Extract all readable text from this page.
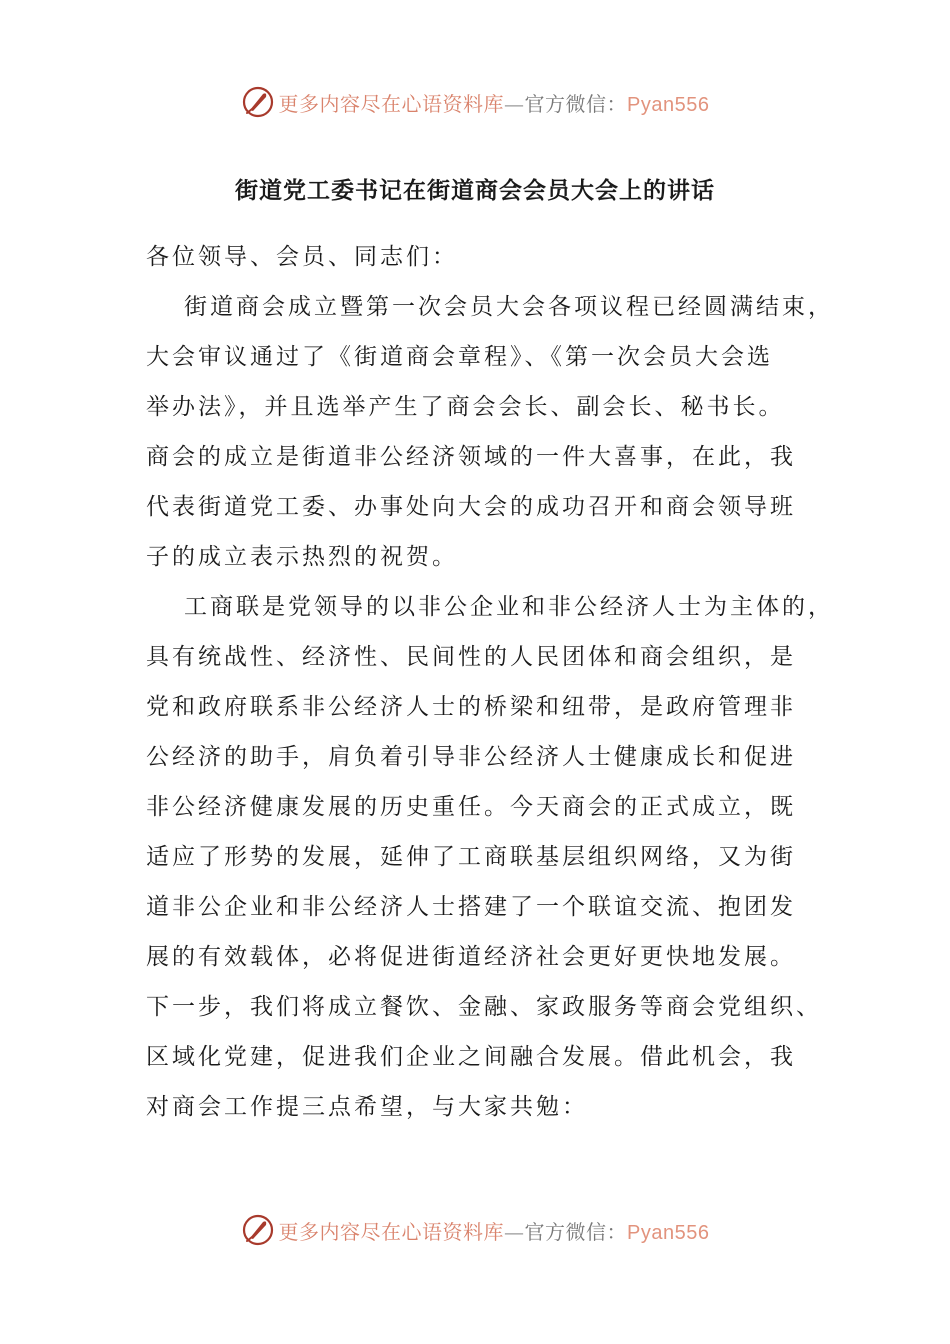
更多内容尽在心语资料库—官方微信：Pyan556
街道党工委书记在街道商会会员大会上的讲话

各位领导、会员、同志们：

街道商会成立暨第一次会员大会各项议程已经圆满结束，

大会审议通过了《街道商会章程》、《第一次会员大会选

举办法》，并且选举产生了商会会长、副会长、秘书长。

商会的成立是街道非公经济领域的一件大喜事，在此，我

代表街道党工委、办事处向大会的成功召开和商会领导班

子的成立表示热烈的祝贺。

工商联是党领导的以非公企业和非公经济人士为主体的，

具有统战性、经济性、民间性的人民团体和商会组织，是

党和政府联系非公经济人士的桥梁和纽带，是政府管理非

公经济的助手，肩负着引导非公经济人士健康成长和促进

非公经济健康发展的历史重任。今天商会的正式成立，既

适应了形势的发展，延伸了工商联基层组织网络，又为街

道非公企业和非公经济人士搭建了一个联谊交流、抱团发

展的有效载体，必将促进街道经济社会更好更快地发展。

下一步，我们将成立餐饮、金融、家政服务等商会党组织、

区域化党建，促进我们企业之间融合发展。借此机会，我

对商会工作提三点希望，与大家共勉：

更多内容尽在心语资料库—官方微信：Pyan556
